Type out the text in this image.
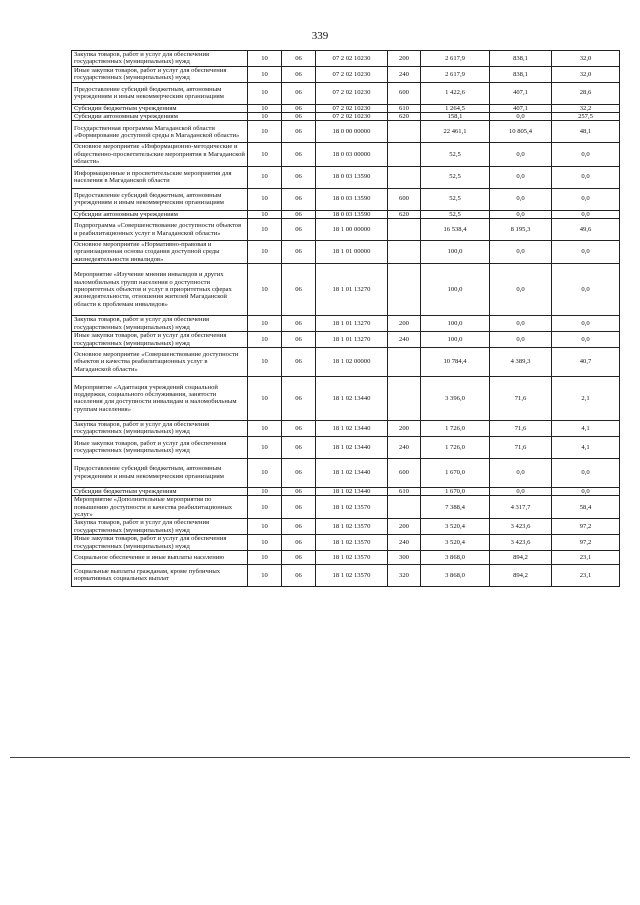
339
Закупка товаров, работ и услуг для обеспечения государственных (муниципальных) нужд	10	06	07 2 02 10230	200	2 617,9	838,1	32,0
Иные закупки товаров, работ и услуг для обеспечения государственных (муниципальных) нужд	10	06	07 2 02 10230	240	2 617,9	838,1	32,0
Предоставление субсидий бюджетным, автономным учреждениям и иным некоммерческим организациям	10	06	07 2 02 10230	600	1 422,6	407,1	28,6
Субсидии бюджетным учреждениям	10	06	07 2 02 10230	610	1 264,5	407,1	32,2
Субсидии автономным учреждениям	10	06	07 2 02 10230	620	158,1	0,0	257,5
Государственная программа Магаданской области «Формирование доступной среды в Магаданской области»	10	06	18 0 00 00000		22 461,1	10 805,4	48,1
Основное мероприятие «Информационно-методические и общественно-просветительские мероприятия в Магаданской области»	10	06	18 0 03 00000		52,5	0,0	0,0
Информационные и просветительские мероприятия для населения в Магаданской области	10	06	18 0 03 13590		52,5	0,0	0,0
Предоставление субсидий бюджетным, автономным учреждениям и иным некоммерческим организациям	10	06	18 0 03 13590	600	52,5	0,0	0,0
Субсидии автономным учреждениям	10	06	18 0 03 13590	620	52,5	0,0	0,0
Подпрограмма «Совершенствование доступности объектов и реабилитационных услуг в Магаданской области»	10	06	18 1 00 00000		16 538,4	8 195,3	49,6
Основное мероприятие «Нормативно-правовая и организационная основа создания доступной среды жизнедеятельности инвалидов»	10	06	18 1 01 00000		100,0	0,0	0,0
Мероприятие «Изучение мнения инвалидов и других маломобильных групп населения о доступности приоритетных объектов и услуг в приоритетных сферах жизнедеятельности, отношения жителей Магаданской области к проблемам инвалидов»	10	06	18 1 01 13270		100,0	0,0	0,0
Закупка товаров, работ и услуг для обеспечения государственных (муниципальных) нужд	10	06	18 1 01 13270	200	100,0	0,0	0,0
Иные закупки товаров, работ и услуг для обеспечения государственных (муниципальных) нужд	10	06	18 1 01 13270	240	100,0	0,0	0,0
Основное мероприятие «Совершенствование доступности объектов и качества реабилитационных услуг в Магаданской области»	10	06	18 1 02 00000		10 784,4	4 389,3	40,7
Мероприятие «Адаптация учреждений социальной поддержки, социального обслуживания, занятости населения для доступности инвалидам и маломобильным группам населения»	10	06	18 1 02 13440		3 396,0	71,6	2,1
Закупка товаров, работ и услуг для обеспечения государственных (муниципальных) нужд	10	06	18 1 02 13440	200	1 726,0	71,6	4,1
Иные закупки товаров, работ и услуг для обеспечения государственных (муниципальных) нужд	10	06	18 1 02 13440	240	1 726,0	71,6	4,1
Предоставление субсидий бюджетным, автономным учреждениям и иным некоммерческим организациям	10	06	18 1 02 13440	600	1 670,0	0,0	0,0
Субсидии бюджетным учреждениям	10	06	18 1 02 13440	610	1 670,0	0,0	0,0
Мероприятие «Дополнительные мероприятия по повышению доступности и качества реабилитационных услуг»	10	06	18 1 02 13570		7 388,4	4 317,7	58,4
Закупка товаров, работ и услуг для обеспечения государственных (муниципальных) нужд	10	06	18 1 02 13570	200	3 520,4	3 423,6	97,2
Иные закупки товаров, работ и услуг для обеспечения государственных (муниципальных) нужд	10	06	18 1 02 13570	240	3 520,4	3 423,6	97,2
Социальное обеспечение и иные выплаты населению	10	06	18 1 02 13570	300	3 868,0	894,2	23,1
Социальные выплаты гражданам, кроме публичных нормативных социальных выплат	10	06	18 1 02 13570	320	3 868,0	894,2	23,1
